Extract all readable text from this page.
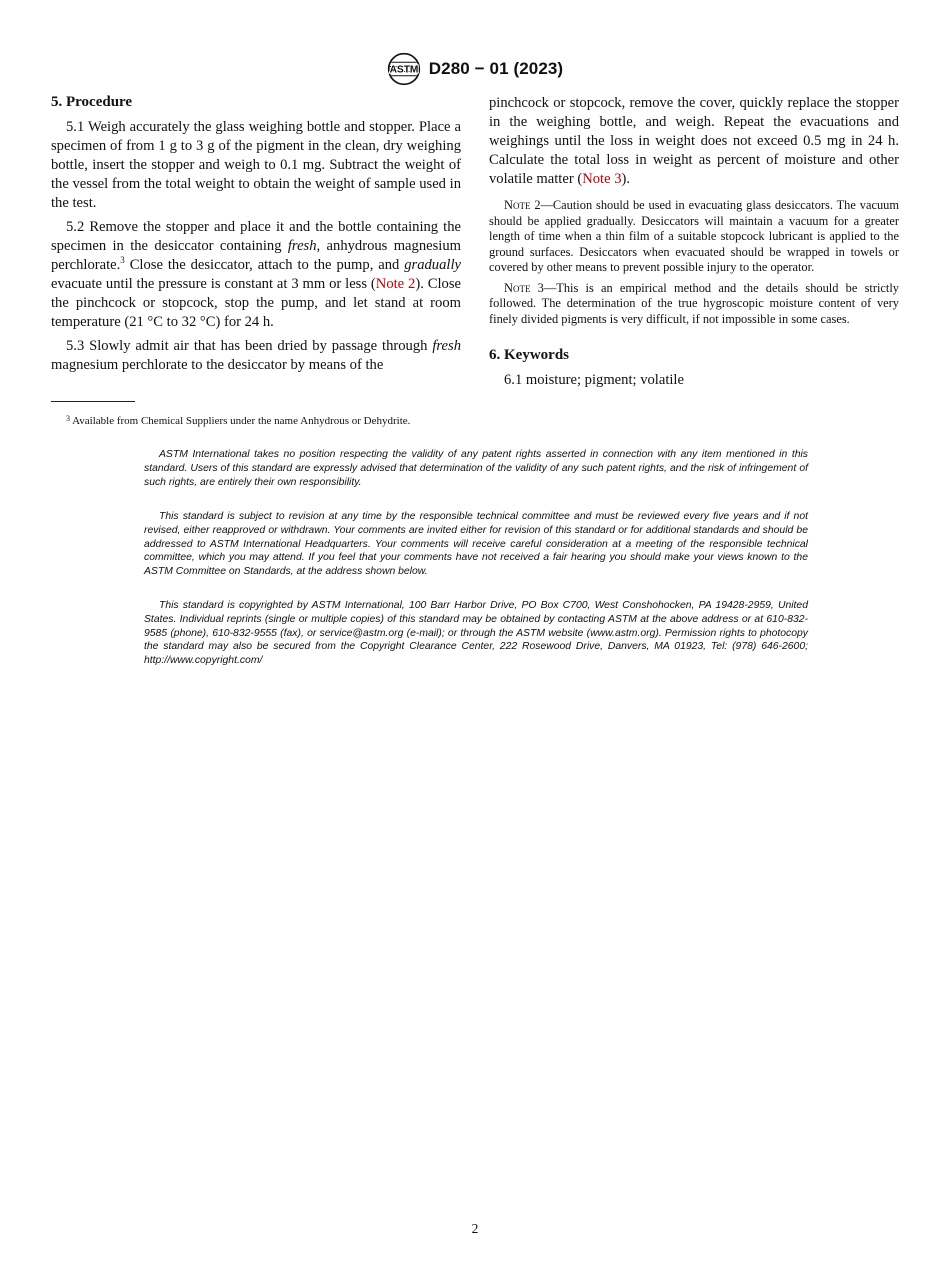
ASTM D280 − 01 (2023)
5. Procedure

5.1 Weigh accurately the glass weighing bottle and stopper. Place a specimen of from 1 g to 3 g of the pigment in the clean, dry weighing bottle, insert the stopper and weigh to 0.1 mg. Subtract the weight of the vessel from the total weight to obtain the weight of sample used in the test.

5.2 Remove the stopper and place it and the bottle containing the specimen in the desiccator containing fresh, anhydrous magnesium perchlorate.$^3$ Close the desiccator, attach to the pump, and gradually evacuate until the pressure is constant at 3 mm or less (Note 2). Close the pinchcock or stopcock, stop the pump, and let stand at room temperature (21 °C to 32 °C) for 24 h.

5.3 Slowly admit air that has been dried by passage through fresh magnesium perchlorate to the desiccator by means of the

$^3$ Available from Chemical Suppliers under the name Anhydrous or Dehydrite.

pinchcock or stopcock, remove the cover, quickly replace the stopper in the weighing bottle, and weigh. Repeat the evacuations and weighings until the loss in weight does not exceed 0.5 mg in 24 h. Calculate the total loss in weight as percent of moisture and other volatile matter (Note 3).

Note 2—Caution should be used in evacuating glass desiccators. The vacuum should be applied gradually. Desiccators will maintain a vacuum for a greater length of time when a thin film of a suitable stopcock lubricant is applied to the ground surfaces. Desiccators when evacuated should be wrapped in towels or covered by other means to prevent possible injury to the operator.

Note 3—This is an empirical method and the details should be strictly followed. The determination of the true hygroscopic moisture content of very finely divided pigments is very difficult, if not impossible in some cases.

6. Keywords

6.1 moisture; pigment; volatile

ASTM International takes no position respecting the validity of any patent rights asserted in connection with any item mentioned in this standard. Users of this standard are expressly advised that determination of the validity of any such patent rights, and the risk of infringement of such rights, are entirely their own responsibility.

This standard is subject to revision at any time by the responsible technical committee and must be reviewed every five years and if not revised, either reapproved or withdrawn. Your comments are invited either for revision of this standard or for additional standards and should be addressed to ASTM International Headquarters. Your comments will receive careful consideration at a meeting of the responsible technical committee, which you may attend. If you feel that your comments have not received a fair hearing you should make your views known to the ASTM Committee on Standards, at the address shown below.

This standard is copyrighted by ASTM International, 100 Barr Harbor Drive, PO Box C700, West Conshohocken, PA 19428-2959, United States. Individual reprints (single or multiple copies) of this standard may be obtained by contacting ASTM at the above address or at 610-832-9585 (phone), 610-832-9555 (fax), or service@astm.org (e-mail); or through the ASTM website (www.astm.org). Permission rights to photocopy the standard may also be secured from the Copyright Clearance Center, 222 Rosewood Drive, Danvers, MA 01923, Tel: (978) 646-2600; http://www.copyright.com/

2
